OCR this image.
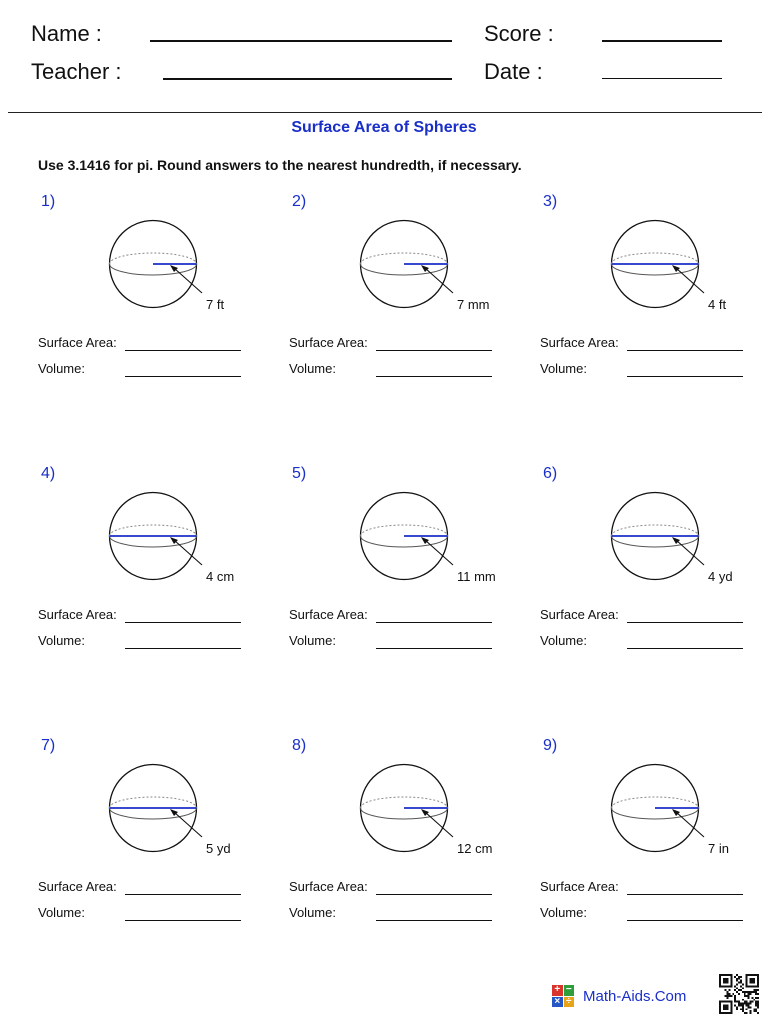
Name :
Teacher :
Score :
Date :
Surface Area of Spheres
Use 3.1416 for pi. Round answers to the nearest hundredth, if necessary.
1)
7 ft
Surface Area:
Volume:
2)
7 mm
Surface Area:
Volume:
3)
4 ft
Surface Area:
Volume:
4)
4 cm
Surface Area:
Volume:
5)
11 mm
Surface Area:
Volume:
6)
4 yd
Surface Area:
Volume:
7)
5 yd
Surface Area:
Volume:
8)
12 cm
Surface Area:
Volume:
9)
7 in
Surface Area:
Volume:
+ −
× ÷ Math-Aids.Com
